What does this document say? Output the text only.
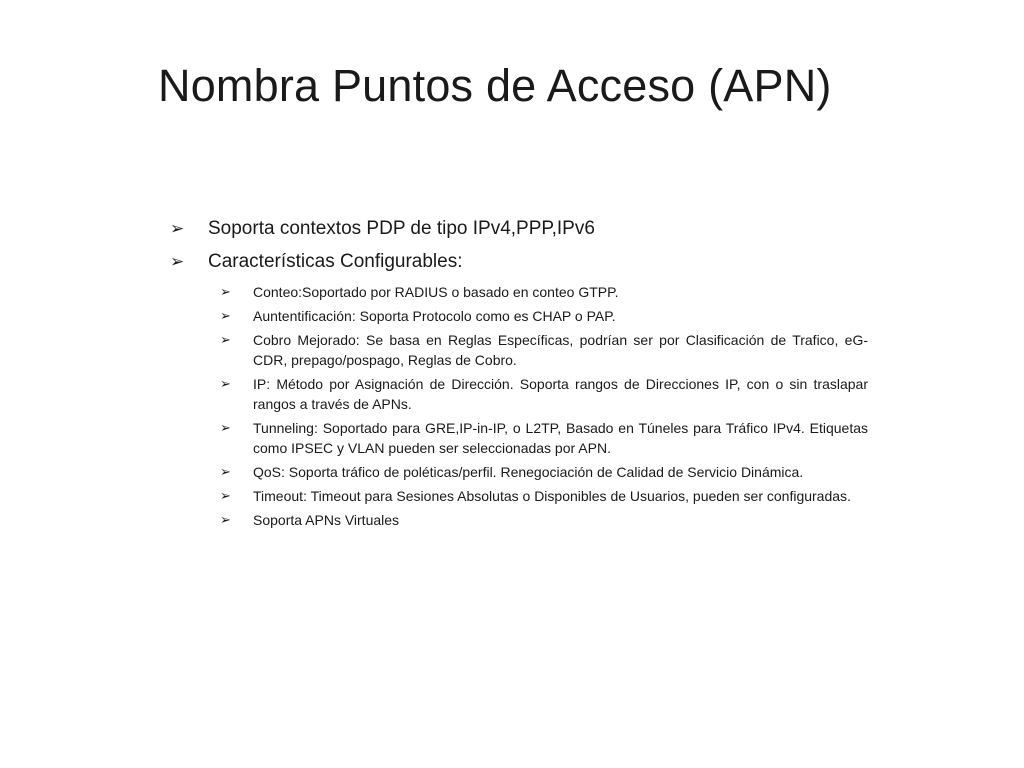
Nombra Puntos de Acceso (APN)
➢ Soporta contextos PDP de tipo IPv4,PPP,IPv6
➢ Características Configurables:
➢ Conteo:Soportado por RADIUS o basado en conteo GTPP.
➢ Auntentificación: Soporta Protocolo como es CHAP o PAP.
➢ Cobro Mejorado: Se basa en Reglas Específicas, podrían ser por Clasificación de Trafico, eG-CDR, prepago/pospago, Reglas de Cobro.
➢ IP: Método por Asignación de Dirección. Soporta rangos de Direcciones IP, con o sin traslapar rangos a través de APNs.
➢ Tunneling: Soportado para GRE,IP-in-IP, o L2TP, Basado en Túneles para Tráfico IPv4. Etiquetas como IPSEC y VLAN pueden ser seleccionadas por APN.
➢ QoS: Soporta tráfico de poléticas/perfil. Renegociación de Calidad de Servicio Dinámica.
➢ Timeout: Timeout para Sesiones Absolutas o Disponibles de Usuarios, pueden ser configuradas.
➢ Soporta APNs Virtuales
